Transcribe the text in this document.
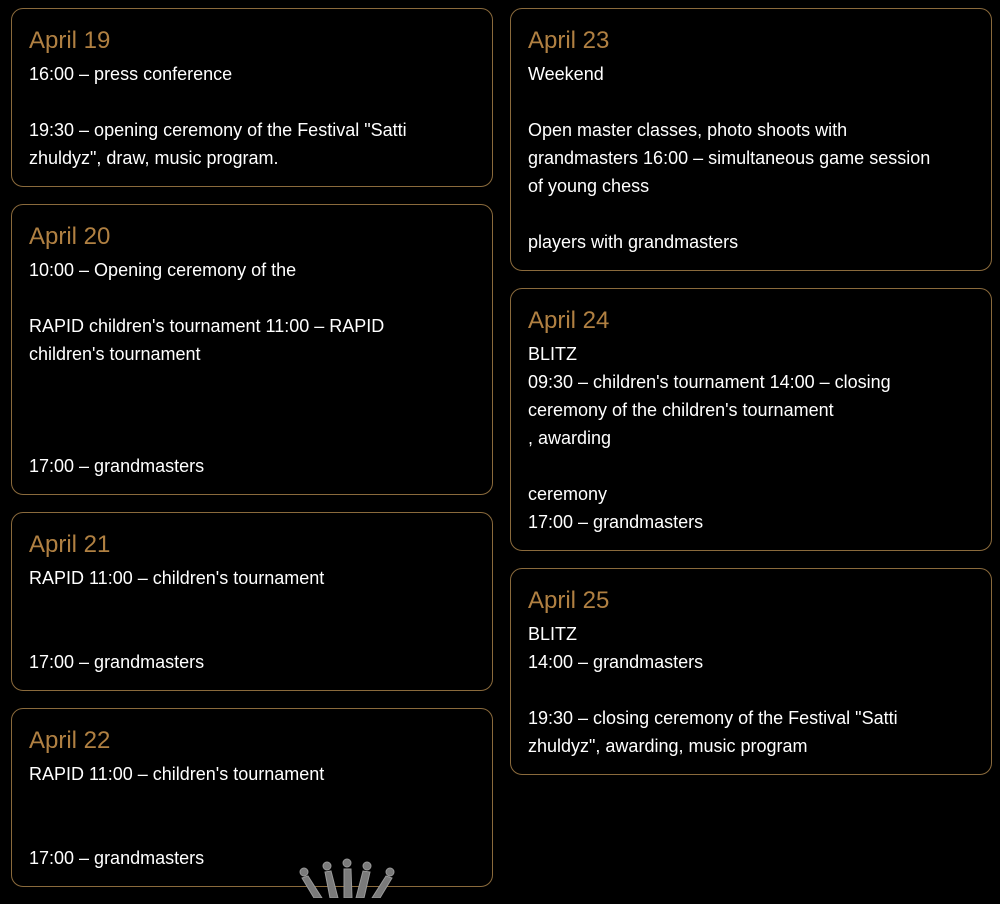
April 19
16:00 – press conference
19:30 – opening ceremony of the Festival "Satti
zhuldyz", draw, music program.
April 20
10:00 – Opening ceremony of the
RAPID children's tournament 11:00 – RAPID
children's tournament
17:00 – grandmasters
April 21
RAPID 11:00 – children's tournament
17:00 – grandmasters
April 22
RAPID 11:00 – children's tournament
17:00 – grandmasters
April 23
Weekend
Open master classes, photo shoots with
grandmasters 16:00 – simultaneous game session
of young chess
players with grandmasters
April 24
BLITZ
09:30 – children's tournament 14:00 – closing
ceremony of the children's tournament
, awarding
ceremony
17:00 – grandmasters
April 25
BLITZ
14:00 – grandmasters
19:30 – closing ceremony of the Festival "Satti
zhuldyz", awarding, music program
